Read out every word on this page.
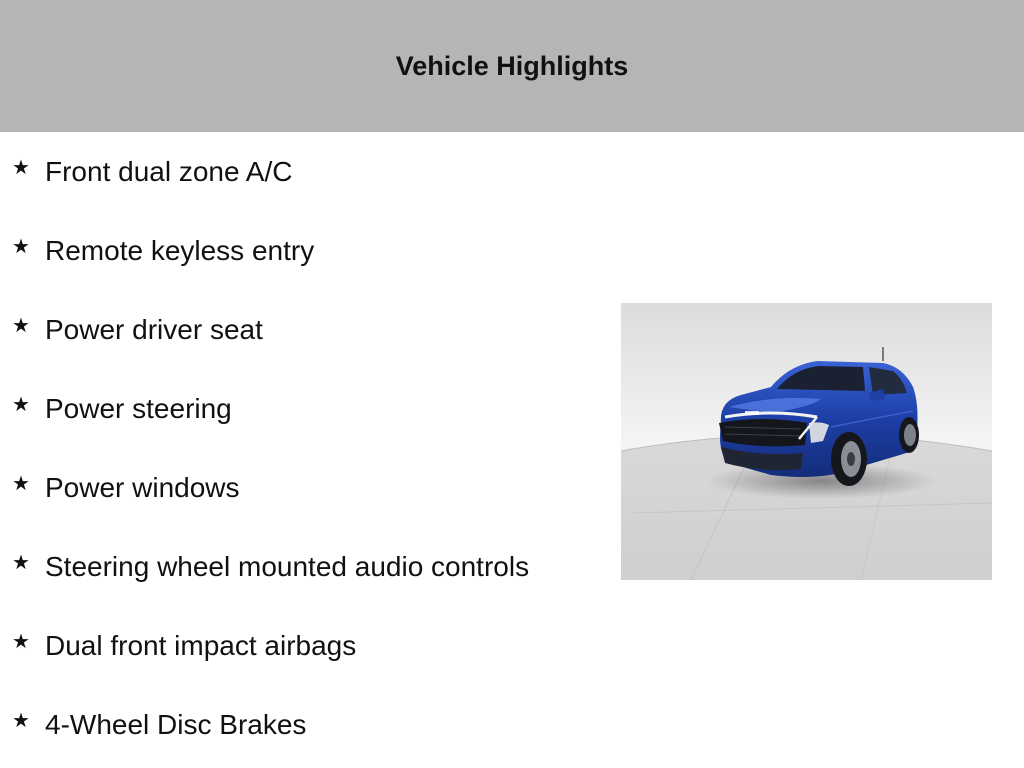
Vehicle Highlights
★ Front dual zone A/C
★ Remote keyless entry
★ Power driver seat
★ Power steering
★ Power windows
★ Steering wheel mounted audio controls
★ Dual front impact airbags
★ 4-Wheel Disc Brakes
